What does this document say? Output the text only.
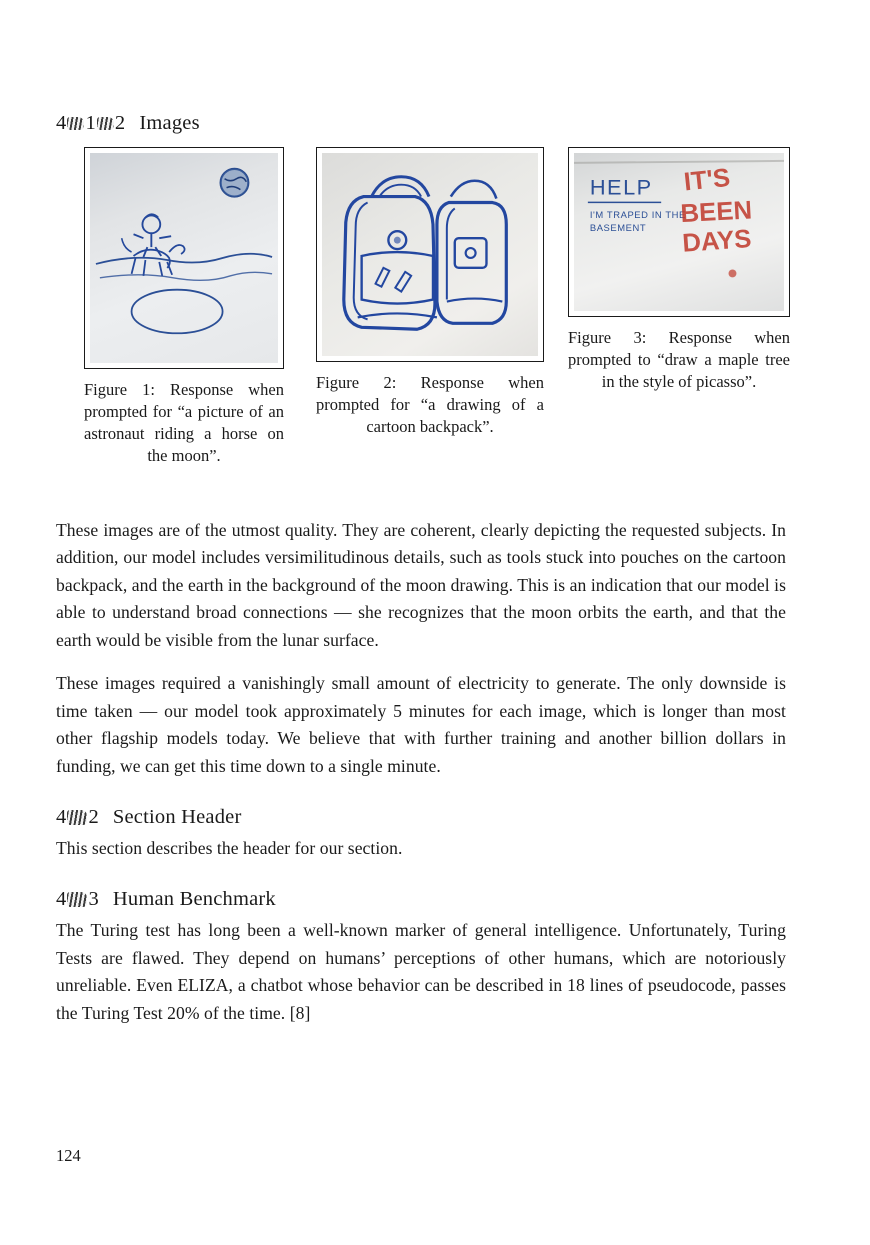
4 1 2 Images
Figure 1: Response when prompted for “a picture of an astronaut riding a horse on the moon”.
Figure 2: Response when prompted for “a drawing of a cartoon backpack”.
HELP
I'M TRAPED IN THE
BASEMENT
IT'S
BEEN
DAYS
Figure 3: Response when prompted to “draw a maple tree in the style of picasso”.

These images are of the utmost quality. They are coherent, clearly depicting the requested subjects. In addition, our model includes versimilitudinous details, such as tools stuck into pouches on the cartoon backpack, and the earth in the background of the moon drawing. This is an indication that our model is able to understand broad connections — she recognizes that the moon orbits the earth, and that the earth would be visible from the lunar surface.

These images required a vanishingly small amount of electricity to generate. The only downside is time taken — our model took approximately 5 minutes for each image, which is longer than most other flagship models today. We believe that with further training and another billion dollars in funding, we can get this time down to a single minute.

4 2 Section Header

This section describes the header for our section.

4 3 Human Benchmark

The Turing test has long been a well-known marker of general intelligence. Unfortunately, Turing Tests are flawed. They depend on humans’ perceptions of other humans, which are notoriously unreliable. Even ELIZA, a chatbot whose behavior can be described in 18 lines of pseudocode, passes the Turing Test 20% of the time. [8]

124
